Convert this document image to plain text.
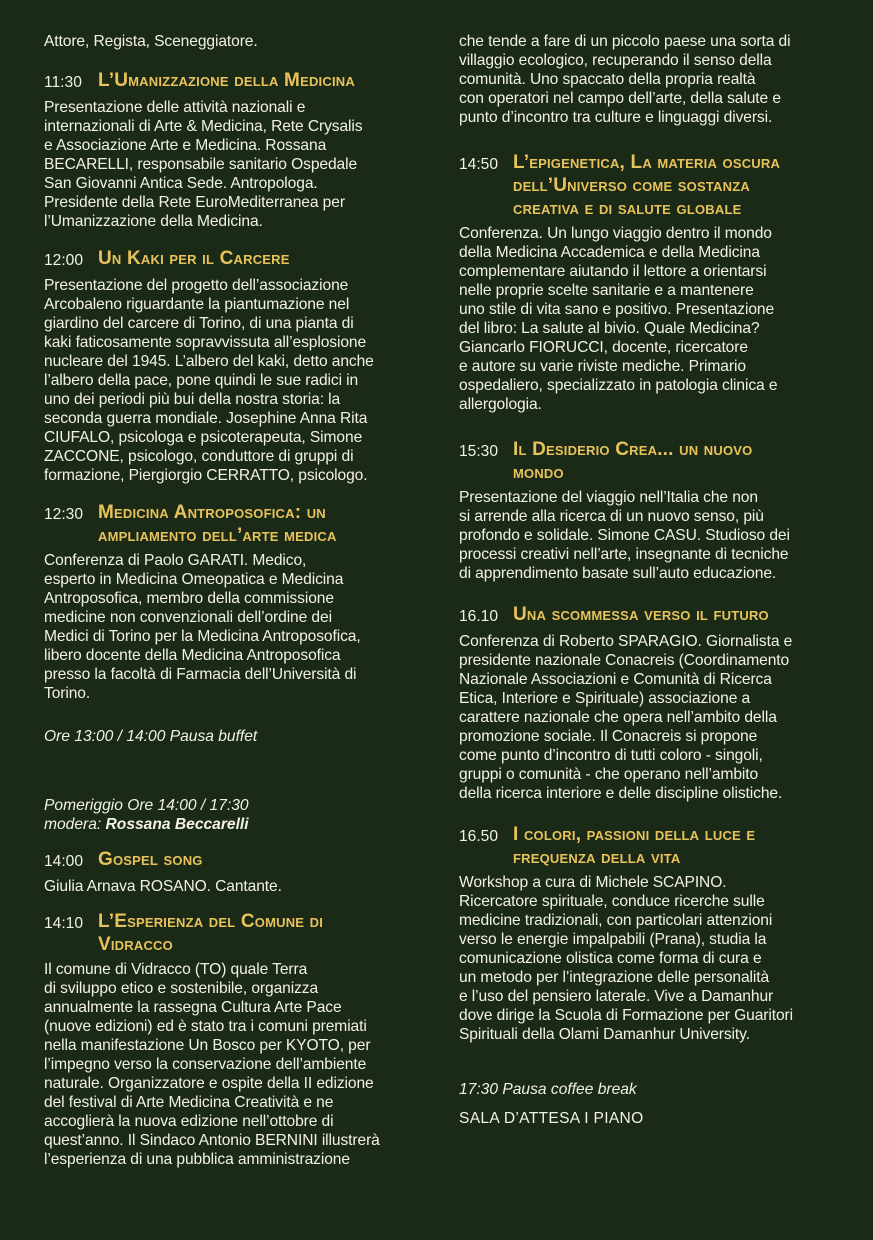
Attore, Regista, Sceneggiatore.

11:30 L’Umanizzazione della Medicina

Presentazione delle attività nazionali e
internazionali di Arte & Medicina, Rete Crysalis
e Associazione Arte e Medicina. Rossana
BECARELLI, responsabile sanitario Ospedale
San Giovanni Antica Sede. Antropologa.
Presidente della Rete EuroMediterranea per
l’Umanizzazione della Medicina.

12:00 Un Kaki per il Carcere

Presentazione del progetto dell’associazione
Arcobaleno riguardante la piantumazione nel
giardino del carcere di Torino, di una pianta di
kaki faticosamente sopravvissuta all’esplosione
nucleare del 1945. L’albero del kaki, detto anche
l’albero della pace, pone quindi le sue radici in
uno dei periodi più bui della nostra storia: la
seconda guerra mondiale. Josephine Anna Rita
CIUFALO, psicologa e psicoterapeuta, Simone
ZACCONE, psicologo, conduttore di gruppi di
formazione, Piergiorgio CERRATTO, psicologo.

12:30 Medicina Antroposofica: un
ampliamento dell’arte medica

Conferenza di Paolo GARATI. Medico,
esperto in Medicina Omeopatica e Medicina
Antroposofica, membro della commissione
medicine non convenzionali dell’ordine dei
Medici di Torino per la Medicina Antroposofica,
libero docente della Medicina Antroposofica
presso la facoltà di Farmacia dell’Università di
Torino.

Ore 13:00 / 14:00 Pausa buffet

Pomeriggio Ore 14:00 / 17:30

modera: Rossana Beccarelli

14:00 Gospel song

Giulia Arnava ROSANO. Cantante.

14:10 L’Esperienza del Comune di
Vidracco

Il comune di Vidracco (TO) quale Terra
di sviluppo etico e sostenibile, organizza
annualmente la rassegna Cultura Arte Pace
(nuove edizioni) ed è stato tra i comuni premiati
nella manifestazione Un Bosco per KYOTO, per
l’impegno verso la conservazione dell’ambiente
naturale. Organizzatore e ospite della II edizione
del festival di Arte Medicina Creatività e ne
accoglierà la nuova edizione nell’ottobre di
quest’anno. Il Sindaco Antonio BERNINI illustrerà
l’esperienza di una pubblica amministrazione

che tende a fare di un piccolo paese una sorta di
villaggio ecologico, recuperando il senso della
comunità. Uno spaccato della propria realtà
con operatori nel campo dell’arte, della salute e
punto d’incontro tra culture e linguaggi diversi.

14:50 L’epigenetica, La materia oscura
dell’Universo come sostanza
creativa e di salute globale

Conferenza. Un lungo viaggio dentro il mondo
della Medicina Accademica e della Medicina
complementare aiutando il lettore a orientarsi
nelle proprie scelte sanitarie e a mantenere
uno stile di vita sano e positivo. Presentazione
del libro: La salute al bivio. Quale Medicina?
Giancarlo FIORUCCI, docente, ricercatore
e autore su varie riviste mediche. Primario
ospedaliero, specializzato in patologia clinica e
allergologia.

15:30 Il Desiderio Crea... un nuovo
mondo

Presentazione del viaggio nell’Italia che non
si arrende alla ricerca di un nuovo senso, più
profondo e solidale. Simone CASU. Studioso dei
processi creativi nell’arte, insegnante di tecniche
di apprendimento basate sull’auto educazione.

16.10 Una scommessa verso il futuro

Conferenza di Roberto SPARAGIO. Giornalista e
presidente nazionale Conacreis (Coordinamento
Nazionale Associazioni e Comunità di Ricerca
Etica, Interiore e Spirituale) associazione a
carattere nazionale che opera nell’ambito della
promozione sociale. Il Conacreis si propone
come punto d’incontro di tutti coloro - singoli,
gruppi o comunità - che operano nell’ambito
della ricerca interiore e delle discipline olistiche.

16.50 I colori, passioni della luce e
frequenza della vita

Workshop a cura di Michele SCAPINO.
Ricercatore spirituale, conduce ricerche sulle
medicine tradizionali, con particolari attenzioni
verso le energie impalpabili (Prana), studia la
comunicazione olistica come forma di cura e
un metodo per l’integrazione delle personalità
e l’uso del pensiero laterale. Vive a Damanhur
dove dirige la Scuola di Formazione per Guaritori
Spirituali della Olami Damanhur University.

17:30 Pausa coffee break

SALA D’ATTESA I PIANO
